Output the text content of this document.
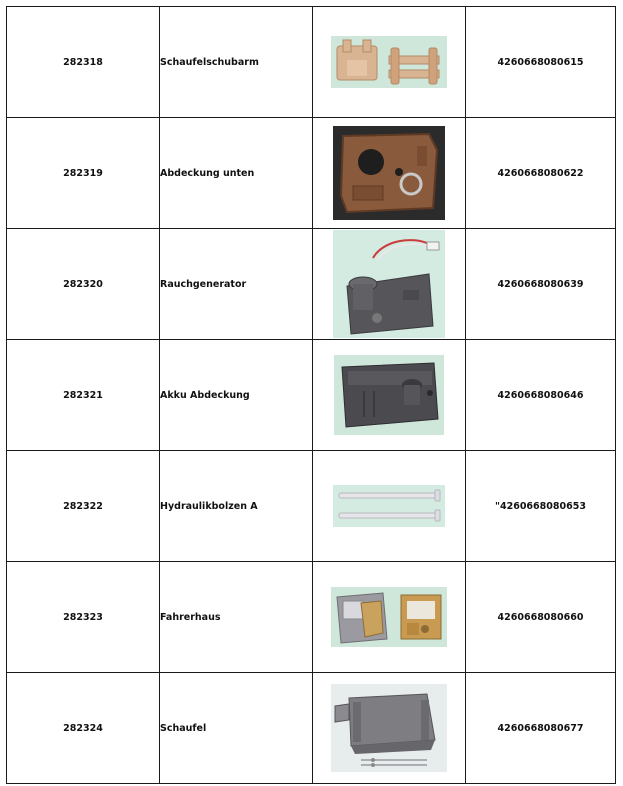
282318	Schaufelschubarm		4260668080615
282319	Abdeckung unten		4260668080622
282320	Rauchgenerator		4260668080639
282321	Akku Abdeckung		4260668080646
282322	Hydraulikbolzen A		"4260668080653
282323	Fahrerhaus		4260668080660
282324	Schaufel		4260668080677
